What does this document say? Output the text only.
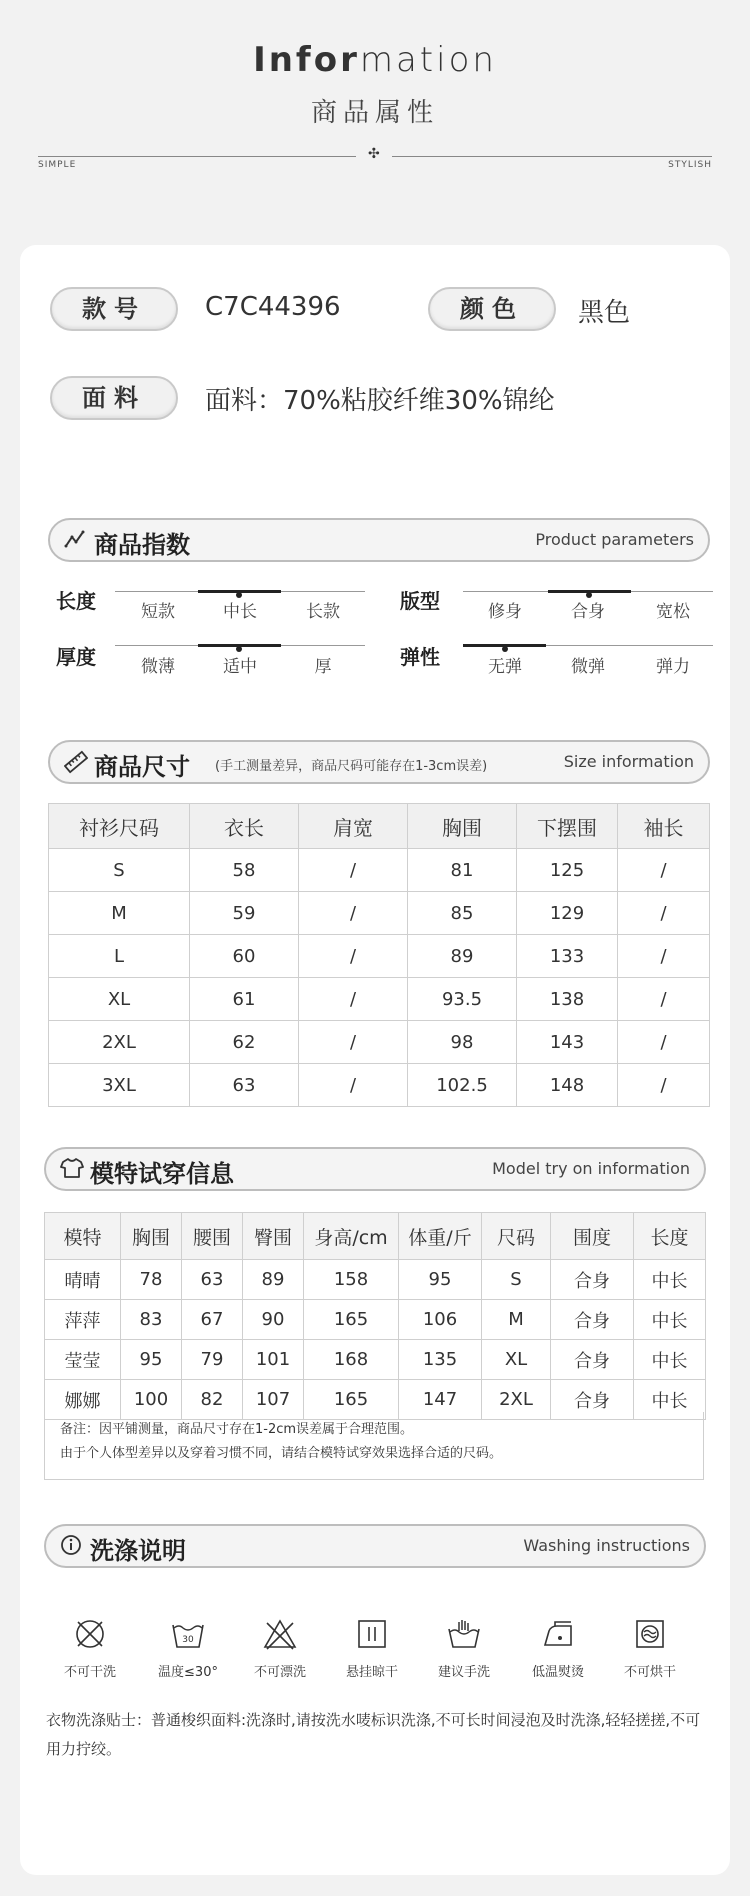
Information
商品属性
✣
SIMPLE	STYLISH
款号	C7C44396	颜色	黑色
面料	面料：70%粘胶纤维30%锦纶
商品指数	Product parameters
长度	短款	中长	长款	版型	修身	合身	宽松
厚度	微薄	适中	厚	弹性	无弹	微弹	弹力
商品尺寸 (手工测量差异，商品尺码可能存在1-3cm误差)	Size information
衬衫尺码	衣长	肩宽	胸围	下摆围	袖长
S	58	/	81	125	/
M	59	/	85	129	/
L	60	/	89	133	/
XL	61	/	93.5	138	/
2XL	62	/	98	143	/
3XL	63	/	102.5	148	/
模特试穿信息	Model try on information
模特	胸围	腰围	臀围	身高/cm	体重/斤	尺码	围度	长度
晴晴	78	63	89	158	95	S	合身	中长
萍萍	83	67	90	165	106	M	合身	中长
莹莹	95	79	101	168	135	XL	合身	中长
娜娜	100	82	107	165	147	2XL	合身	中长
备注：因平铺测量，商品尺寸存在1-2cm误差属于合理范围。
由于个人体型差异以及穿着习惯不同，请结合模特试穿效果选择合适的尺码。
洗涤说明	Washing instructions
不可干洗
30
温度≤30°	不可漂洗	悬挂晾干	建议手洗	低温熨烫	不可烘干
衣物洗涤贴士：普通梭织面料:洗涤时,请按洗水唛标识洗涤,不可长时间浸泡及时洗涤,轻轻搓搓,不可用力拧绞。
